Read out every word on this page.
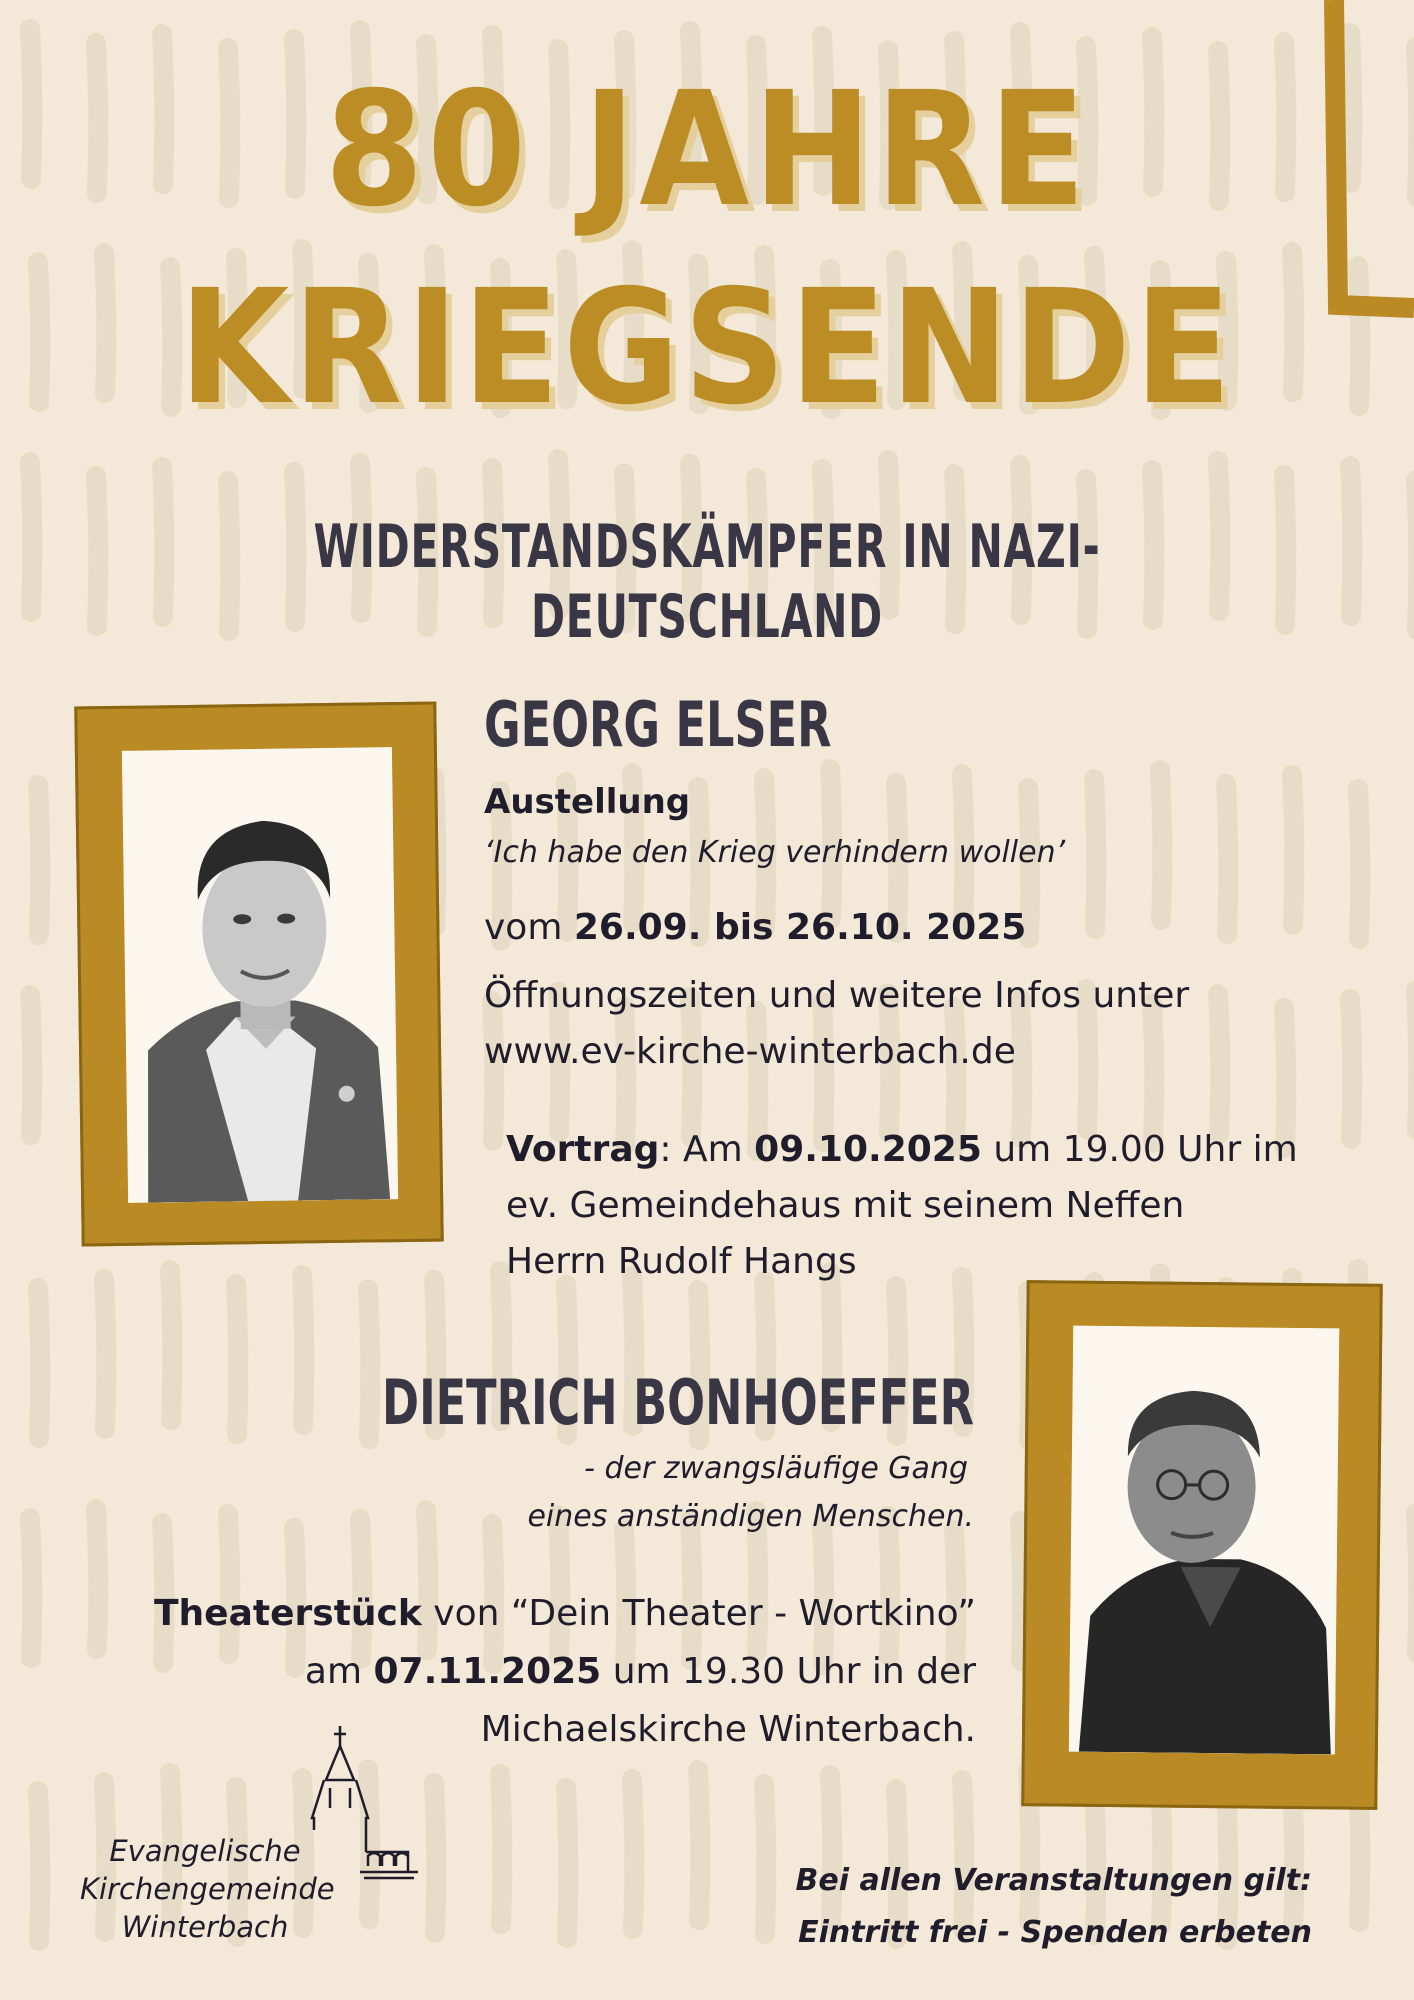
80 JAHRE
KRIEGSENDE
WIDERSTANDSKÄMPFER IN NAZI-DEUTSCHLAND
GEORG ELSER
Austellung
‘Ich habe den Krieg verhindern wollen’
vom 26.09. bis 26.10. 2025
Öffnungszeiten und weitere Infos unter
www.ev-kirche-winterbach.de
Vortrag: Am 09.10.2025 um 19.00 Uhr im
ev. Gemeindehaus mit seinem Neffen
Herrn Rudolf Hangs
DIETRICH BONHOEFFER
- der zwangsläufige Gang
eines anständigen Menschen.
Theaterstück von “Dein Theater - Wortkino”
am 07.11.2025 um 19.30 Uhr in der
Michaelskirche Winterbach.
Evangelische
Kirchengemeinde
Winterbach
Bei allen Veranstaltungen gilt:
Eintritt frei - Spenden erbeten
